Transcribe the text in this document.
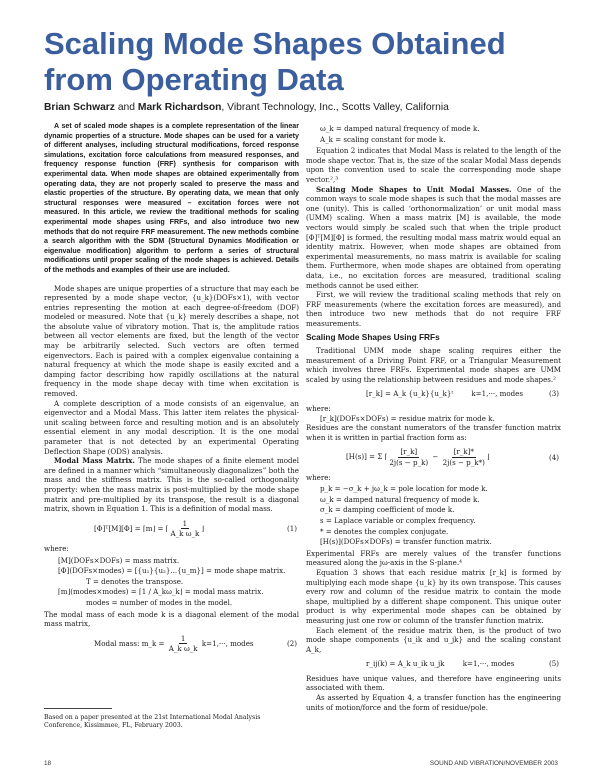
Scaling Mode Shapes Obtained
from Operating Data
Brian Schwarz and Mark Richardson, Vibrant Technology, Inc., Scotts Valley, California

A set of scaled mode shapes is a complete representation of the linear dynamic properties of a structure. Mode shapes can be used for a variety of different analyses, including structural modifications, forced response simulations, excitation force calculations from measured responses, and frequency response function (FRF) synthesis for comparison with experimental data. When mode shapes are obtained experimentally from operating data, they are not properly scaled to preserve the mass and elastic properties of the structure. By operating data, we mean that only structural responses were measured – excitation forces were not measured. In this article, we review the traditional methods for scaling experimental mode shapes using FRFs, and also introduce two new methods that do not require FRF measurement. The new methods combine a search algorithm with the SDM (Structural Dynamics Modification or eigenvalue modification) algorithm to perform a series of structural modifications until proper scaling of the mode shapes is achieved. Details of the methods and examples of their use are included.

Mode shapes are unique properties of a structure that may each be represented by a mode shape vector, {u_k}(DOFs×1), with vector entries representing the motion at each degree-of-freedom (DOF) modeled or measured. Note that {u_k} merely describes a shape, not the absolute value of vibratory motion. That is, the amplitude ratios between all vector elements are fixed, but the length of the vector may be arbitrarily selected. Such vectors are often termed eigenvectors. Each is paired with a complex eigenvalue containing a natural frequency at which the mode shape is easily excited and a damping factor describing how rapidly oscillations at the natural frequency in the mode shape decay with time when excitation is removed.

A complete description of a mode consists of an eigenvalue, an eigenvector and a Modal Mass. This latter item relates the physical-unit scaling between force and resulting motion and is an absolutely essential element in any modal description. It is the one modal parameter that is not detected by an experimental Operating Deflection Shape (ODS) analysis.

Modal Mass Matrix. The mode shapes of a finite element model are defined in a manner which “simultaneously diagonalizes” both the mass and the stiffness matrix. This is the so-called orthogonality property: when the mass matrix is post-multiplied by the mode shape matrix and pre-multiplied by its transpose, the result is a diagonal matrix, shown in Equation 1. This is a definition of modal mass.

[Φ]ᵀ[M][Φ] = ⌈m⌋ = ⌈ $\frac{1}{\text{A\_k ω\_k}}$ ⌋	(1)
where:
[M](DOFs×DOFs) = mass matrix.
[Φ](DOFs×modes) = [{u₁}{u₂}...{u_m}] = mode shape matrix.
T = denotes the transpose.
⌈m⌋(modes×modes) = ⌈1 / A_kω_k⌋ = modal mass matrix.
modes = number of modes in the model.
The modal mass of each mode k is a diagonal element of the modal mass matrix,
Modal mass: m_k = $\frac{1}{\text{A\_k ω\_k}} k=1,\cdot\cdot\cdot$, modes	(2)
Based on a paper presented at the 21st International Modal Analysis Conference, Kissimmee, FL, February 2003.
ω_k = damped natural frequency of mode k.
A_k = scaling constant for mode k.

Equation 2 indicates that Modal Mass is related to the length of the mode shape vector. That is, the size of the scalar Modal Mass depends upon the convention used to scale the corresponding mode shape vector.²,³

Scaling Mode Shapes to Unit Modal Masses. One of the common ways to scale mode shapes is such that the modal masses are one (unity). This is called ‘orthonormalization’ or unit modal mass (UMM) scaling. When a mass matrix [M] is available, the mode vectors would simply be scaled such that when the triple product [Φ]ᵀ[M][Φ] is formed, the resulting modal mass matrix would equal an identity matrix. However, when mode shapes are obtained from experimental measurements, no mass matrix is available for scaling them. Furthermore, when mode shapes are obtained from operating data, i.e., no excitation forces are measured, traditional scaling methods cannot be used either.

First, we will review the traditional scaling methods that rely on FRF measurements (where the excitation forces are measured), and then introduce two new methods that do not require FRF measurements.

Scaling Mode Shapes Using FRFs

Traditional UMM mode shape scaling requires either the measurement of a Driving Point FRF, or a Triangular Measurement which involves three FRFs. Experimental mode shapes are UMM scaled by using the relationship between residues and mode shapes.²

[r_k] = A_k {u_k}{u_k}ᵗ	k=1,···, modes	(3)
where:
[r_k](DOFs×DOFs) = residue matrix for mode k.
Residues are the constant numerators of the transfer function matrix when it is written in partial fraction form as:
[H(s)] = Σ ⌈ $\frac{[r\_k]}{2j(s - p\_k)} - \frac{[r\_k]*}{2j(s - p\_k*)}$ ⌋	(4)
where:
p_k = −σ_k + jω_k = pole location for mode k.
ω_k = damped natural frequency of mode k.
σ_k = damping coefficient of mode k.
s = Laplace variable or complex frequency.
* = denotes the complex conjugate.
[H(s)](DOFs×DOFs) = transfer function matrix.
Experimental FRFs are merely values of the transfer functions measured along the jω-axis in the S-plane.⁴

Equation 3 shows that each residue matrix [r_k] is formed by multiplying each mode shape {u_k} by its own transpose. This causes every row and column of the residue matrix to contain the mode shape, multiplied by a different shape component. This unique outer product is why experimental mode shapes can be obtained by measuring just one row or column of the transfer function matrix.

Each element of the residue matrix then, is the product of two mode shape components {u_ik and u_jk} and the scaling constant A_k,

r_ij(k) = A_k u_ik u_jk	k=1,···, modes	(5)
Residues have unique values, and therefore have engineering units associated with them.

As asserted by Equation 4, a transfer function has the engineering units of motion/force and the form of residue/pole.

18	SOUND AND VIBRATION/NOVEMBER 2003
